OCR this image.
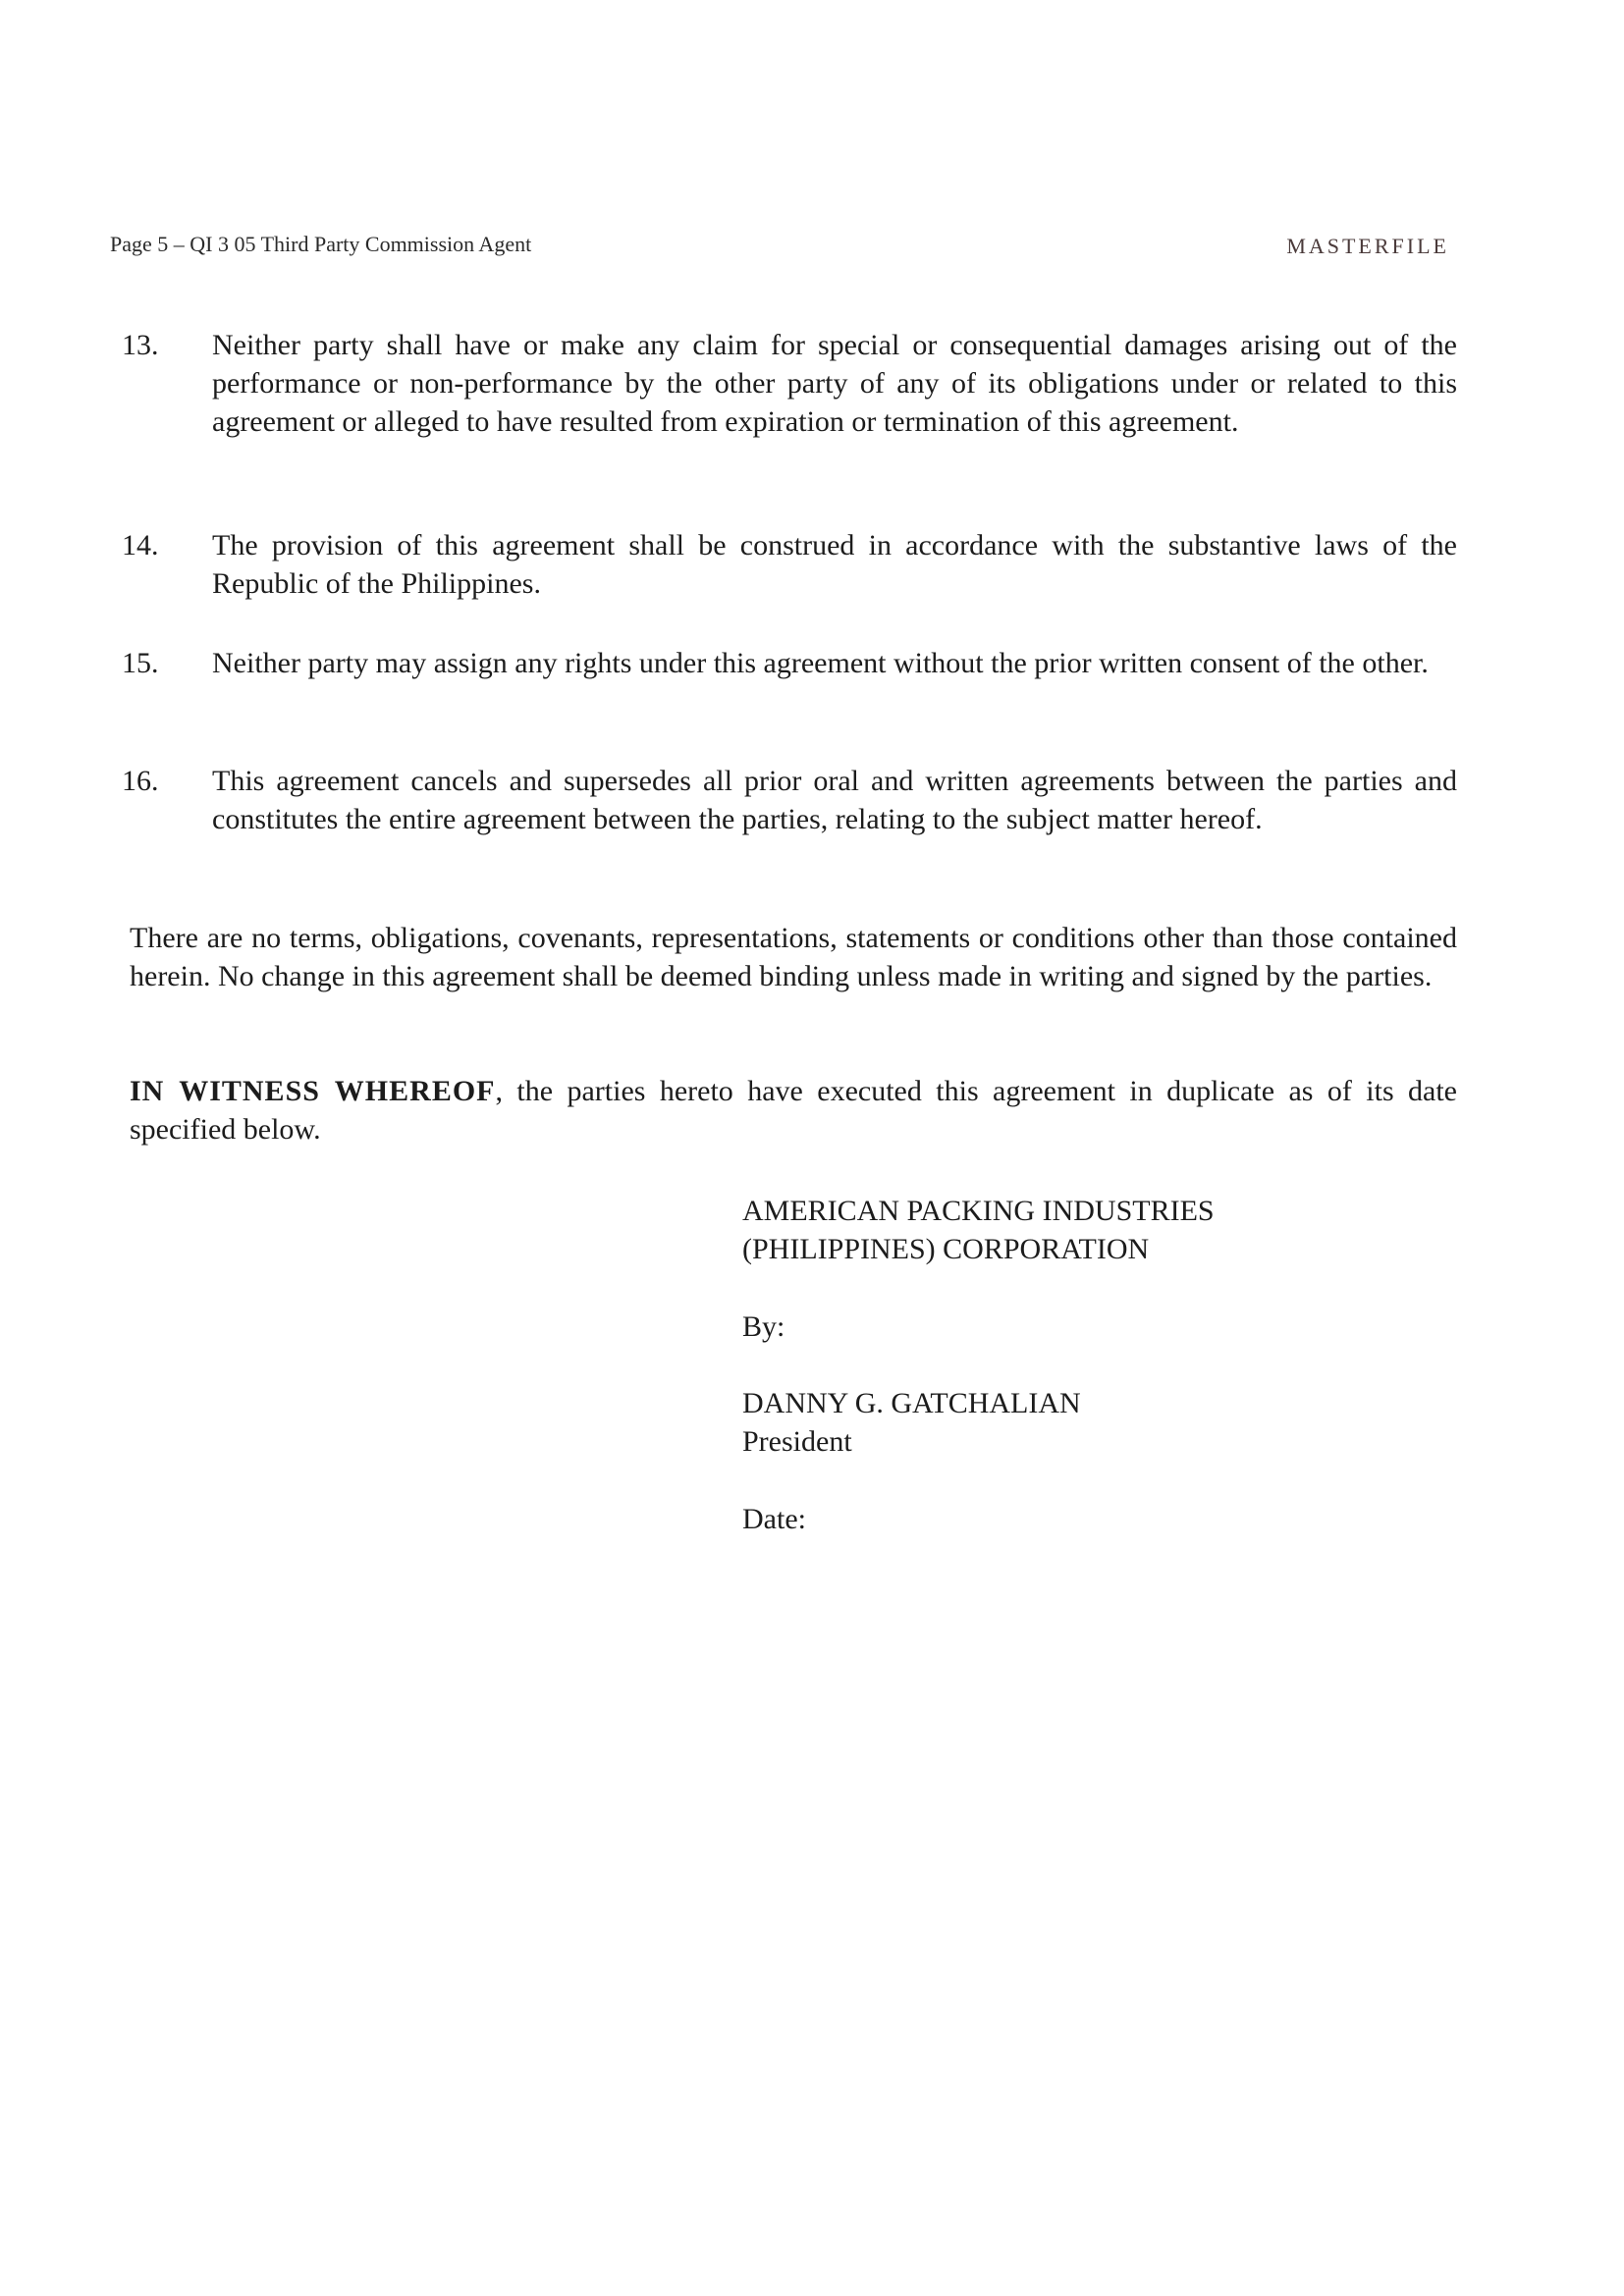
Page 5 – QI 3 05 Third Party Commission Agent	MASTERFILE
13.	Neither party shall have or make any claim for special or consequential damages arising out of the performance or non-performance by the other party of any of its obligations under or related to this agreement or alleged to have resulted from expiration or termination of this agreement.
14.	The provision of this agreement shall be construed in accordance with the substantive laws of the Republic of the Philippines.
15.	Neither party may assign any rights under this agreement without the prior written consent of the other.
16.	This agreement cancels and supersedes all prior oral and written agreements between the parties and constitutes the entire agreement between the parties, relating to the subject matter hereof.
There are no terms, obligations, covenants, representations, statements or conditions other than those contained herein. No change in this agreement shall be deemed binding unless made in writing and signed by the parties.
IN WITNESS WHEREOF, the parties hereto have executed this agreement in duplicate as of its date specified below.
AMERICAN PACKING INDUSTRIES
(PHILIPPINES) CORPORATION
By:
DANNY G. GATCHALIAN
President
Date:
